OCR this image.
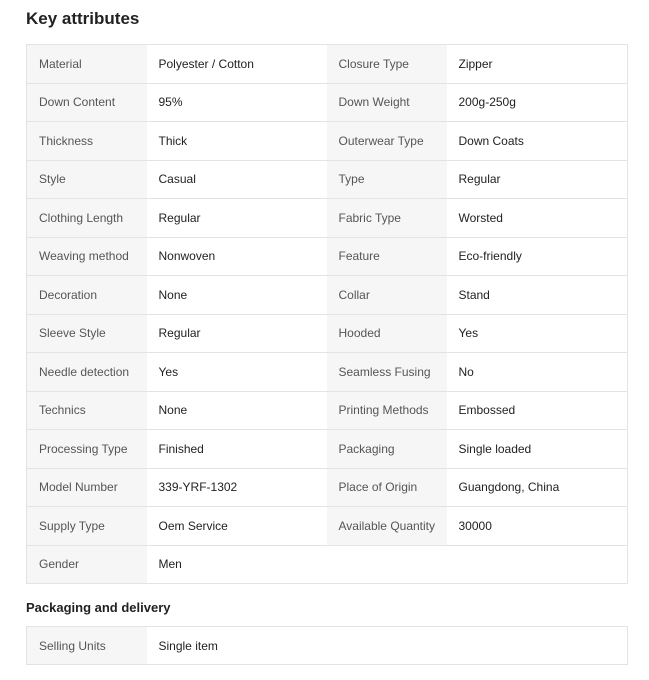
Key attributes
Material	Polyester / Cotton	Closure Type	Zipper
Down Content	95%	Down Weight	200g-250g
Thickness	Thick	Outerwear Type	Down Coats
Style	Casual	Type	Regular
Clothing Length	Regular	Fabric Type	Worsted
Weaving method	Nonwoven	Feature	Eco-friendly
Decoration	None	Collar	Stand
Sleeve Style	Regular	Hooded	Yes
Needle detection	Yes	Seamless Fusing	No
Technics	None	Printing Methods	Embossed
Processing Type	Finished	Packaging	Single loaded
Model Number	339-YRF-1302	Place of Origin	Guangdong, China
Supply Type	Oem Service	Available Quantity	30000
Gender	Men		
Packaging and delivery
Selling Units	Single item
